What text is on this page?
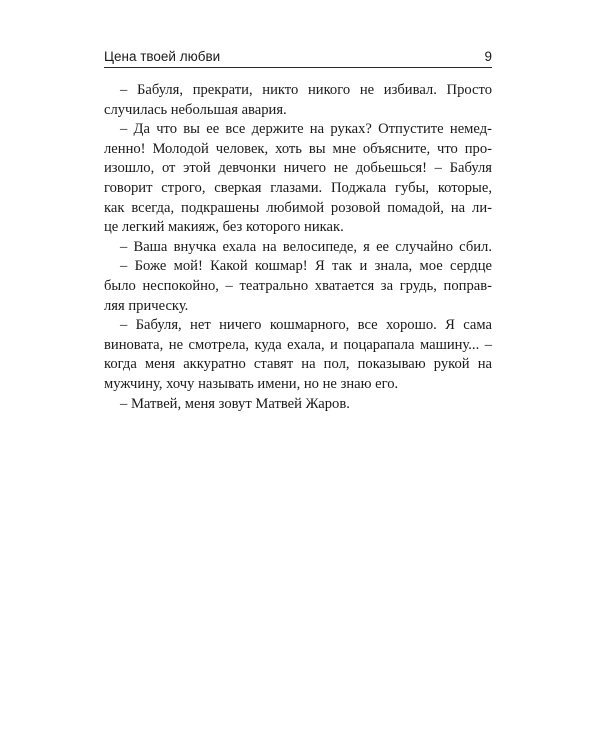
Цена твоей любви	9
– Бабуля, прекрати, никто никого не избивал. Просто
случилась небольшая авария.
– Да что вы ее все держите на руках? Отпустите немед-
ленно! Молодой человек, хоть вы мне объясните, что про-
изошло, от этой девчонки ничего не добьешься! – Бабуля
говорит строго, сверкая глазами. Поджала губы, которые,
как всегда, подкрашены любимой розовой помадой, на ли-
це легкий макияж, без которого никак.
– Ваша внучка ехала на велосипеде, я ее случайно сбил.
– Боже мой! Какой кошмар! Я так и знала, мое сердце
было неспокойно, – театрально хватается за грудь, поправ-
ляя прическу.
– Бабуля, нет ничего кошмарного, все хорошо. Я сама
виновата, не смотрела, куда ехала, и поцарапала машину... –
когда меня аккуратно ставят на пол, показываю рукой на
мужчину, хочу называть имени, но не знаю его.
– Матвей, меня зовут Матвей Жаров.
